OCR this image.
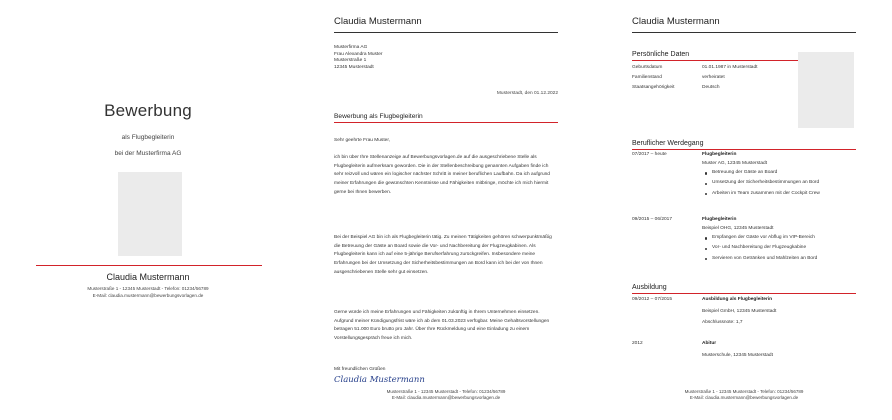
Bewerbung
als Flugbegleiterin
bei der Musterfirma AG
Claudia Mustermann
Musterstraße 1 - 12345 Musterstadt - Telefon: 01234/56789
E-Mail: claudia.mustermann@bewerbungsvorlagen.de
Claudia Mustermann
Musterfirma AG
Frau Alexandra Muster
Musterstraße 1
12345 Musterstadt
Musterstadt, den 01.12.2022
Bewerbung als Flugbegleiterin
Sehr geehrte Frau Muster,
ich bin über Ihre Stellenanzeige auf Bewerbungsvorlagen.de auf die ausgeschriebene Stelle als Flugbegleiterin aufmerksam geworden. Die in der Stellenbeschreibung genannten Aufgaben finde ich sehr reizvoll und wären ein logischer nächster Schritt in meiner beruflichen Laufbahn. Da ich aufgrund meiner Erfahrungen die gewünschten Kenntnisse und Fähigkeiten mitbringe, möchte ich mich hiermit gerne bei Ihnen bewerben.
Bei der Beispiel AG bin ich als Flugbegleiterin tätig. Zu meinen Tätigkeiten gehören schwerpunktmäßig die Betreuung der Gäste an Board sowie die Vor- und Nachbereitung der Flugzeugkabinen. Als Flugbegleiterin kann ich auf eine 5-jährige Berufserfahrung zurückgreifen. Insbesondere meine Erfahrungen bei der Umsetzung der Sicherheitsbestimmungen an Bord kann ich bei der von Ihnen ausgeschriebenen Stelle sehr gut einsetzen.
Gerne würde ich meine Erfahrungen und Fähigkeiten zukünftig in Ihrem Unternehmen einsetzen. Aufgrund meiner Kündigungsfrist wäre ich ab dem 01.03.2023 verfügbar. Meine Gehaltsvorstellungen betragen 51.000 Euro brutto pro Jahr. Über Ihre Rückmeldung und eine Einladung zu einem Vorstellungsgespräch freue ich mich.
Mit freundlichen Grüßen
Claudia Mustermann
Musterstraße 1 - 12345 Musterstadt - Telefon: 01234/56789
E-Mail: claudia.mustermann@bewerbungsvorlagen.de
Claudia Mustermann
Persönliche Daten
Geburtsdatum	01.01.1987 in Musterstadt
Familienstand	verheiratet
Staatsangehörigkeit	Deutsch
Beruflicher Werdegang
07/2017 – heute	Flugbegleiterin
Muster AG, 12345 Musterstadt
Betreuung der Gäste an Board
Umsetzung der Sicherheitsbestimmungen an Bord
Arbeiten im Team zusammen mit der Cockpit Crew
09/2015 – 06/2017	Flugbegleiterin
Beispiel OHG, 12345 Musterstadt
Empfangen der Gäste vor Abflug im VIP-Bereich
Vor- und Nachbereitung der Flugzeugkabine
Servieren von Getränken und Mahlzeiten an Bord
Ausbildung
09/2012 – 07/2015	Ausbildung als Flugbegleiterin
Beispiel GmbH, 12345 Musterstadt
Abschlussnote: 1,7
2012	Abitur
Musterschule, 12345 Musterstadt
Musterstraße 1 - 12345 Musterstadt - Telefon: 01234/56789
E-Mail: claudia.mustermann@bewerbungsvorlagen.de
